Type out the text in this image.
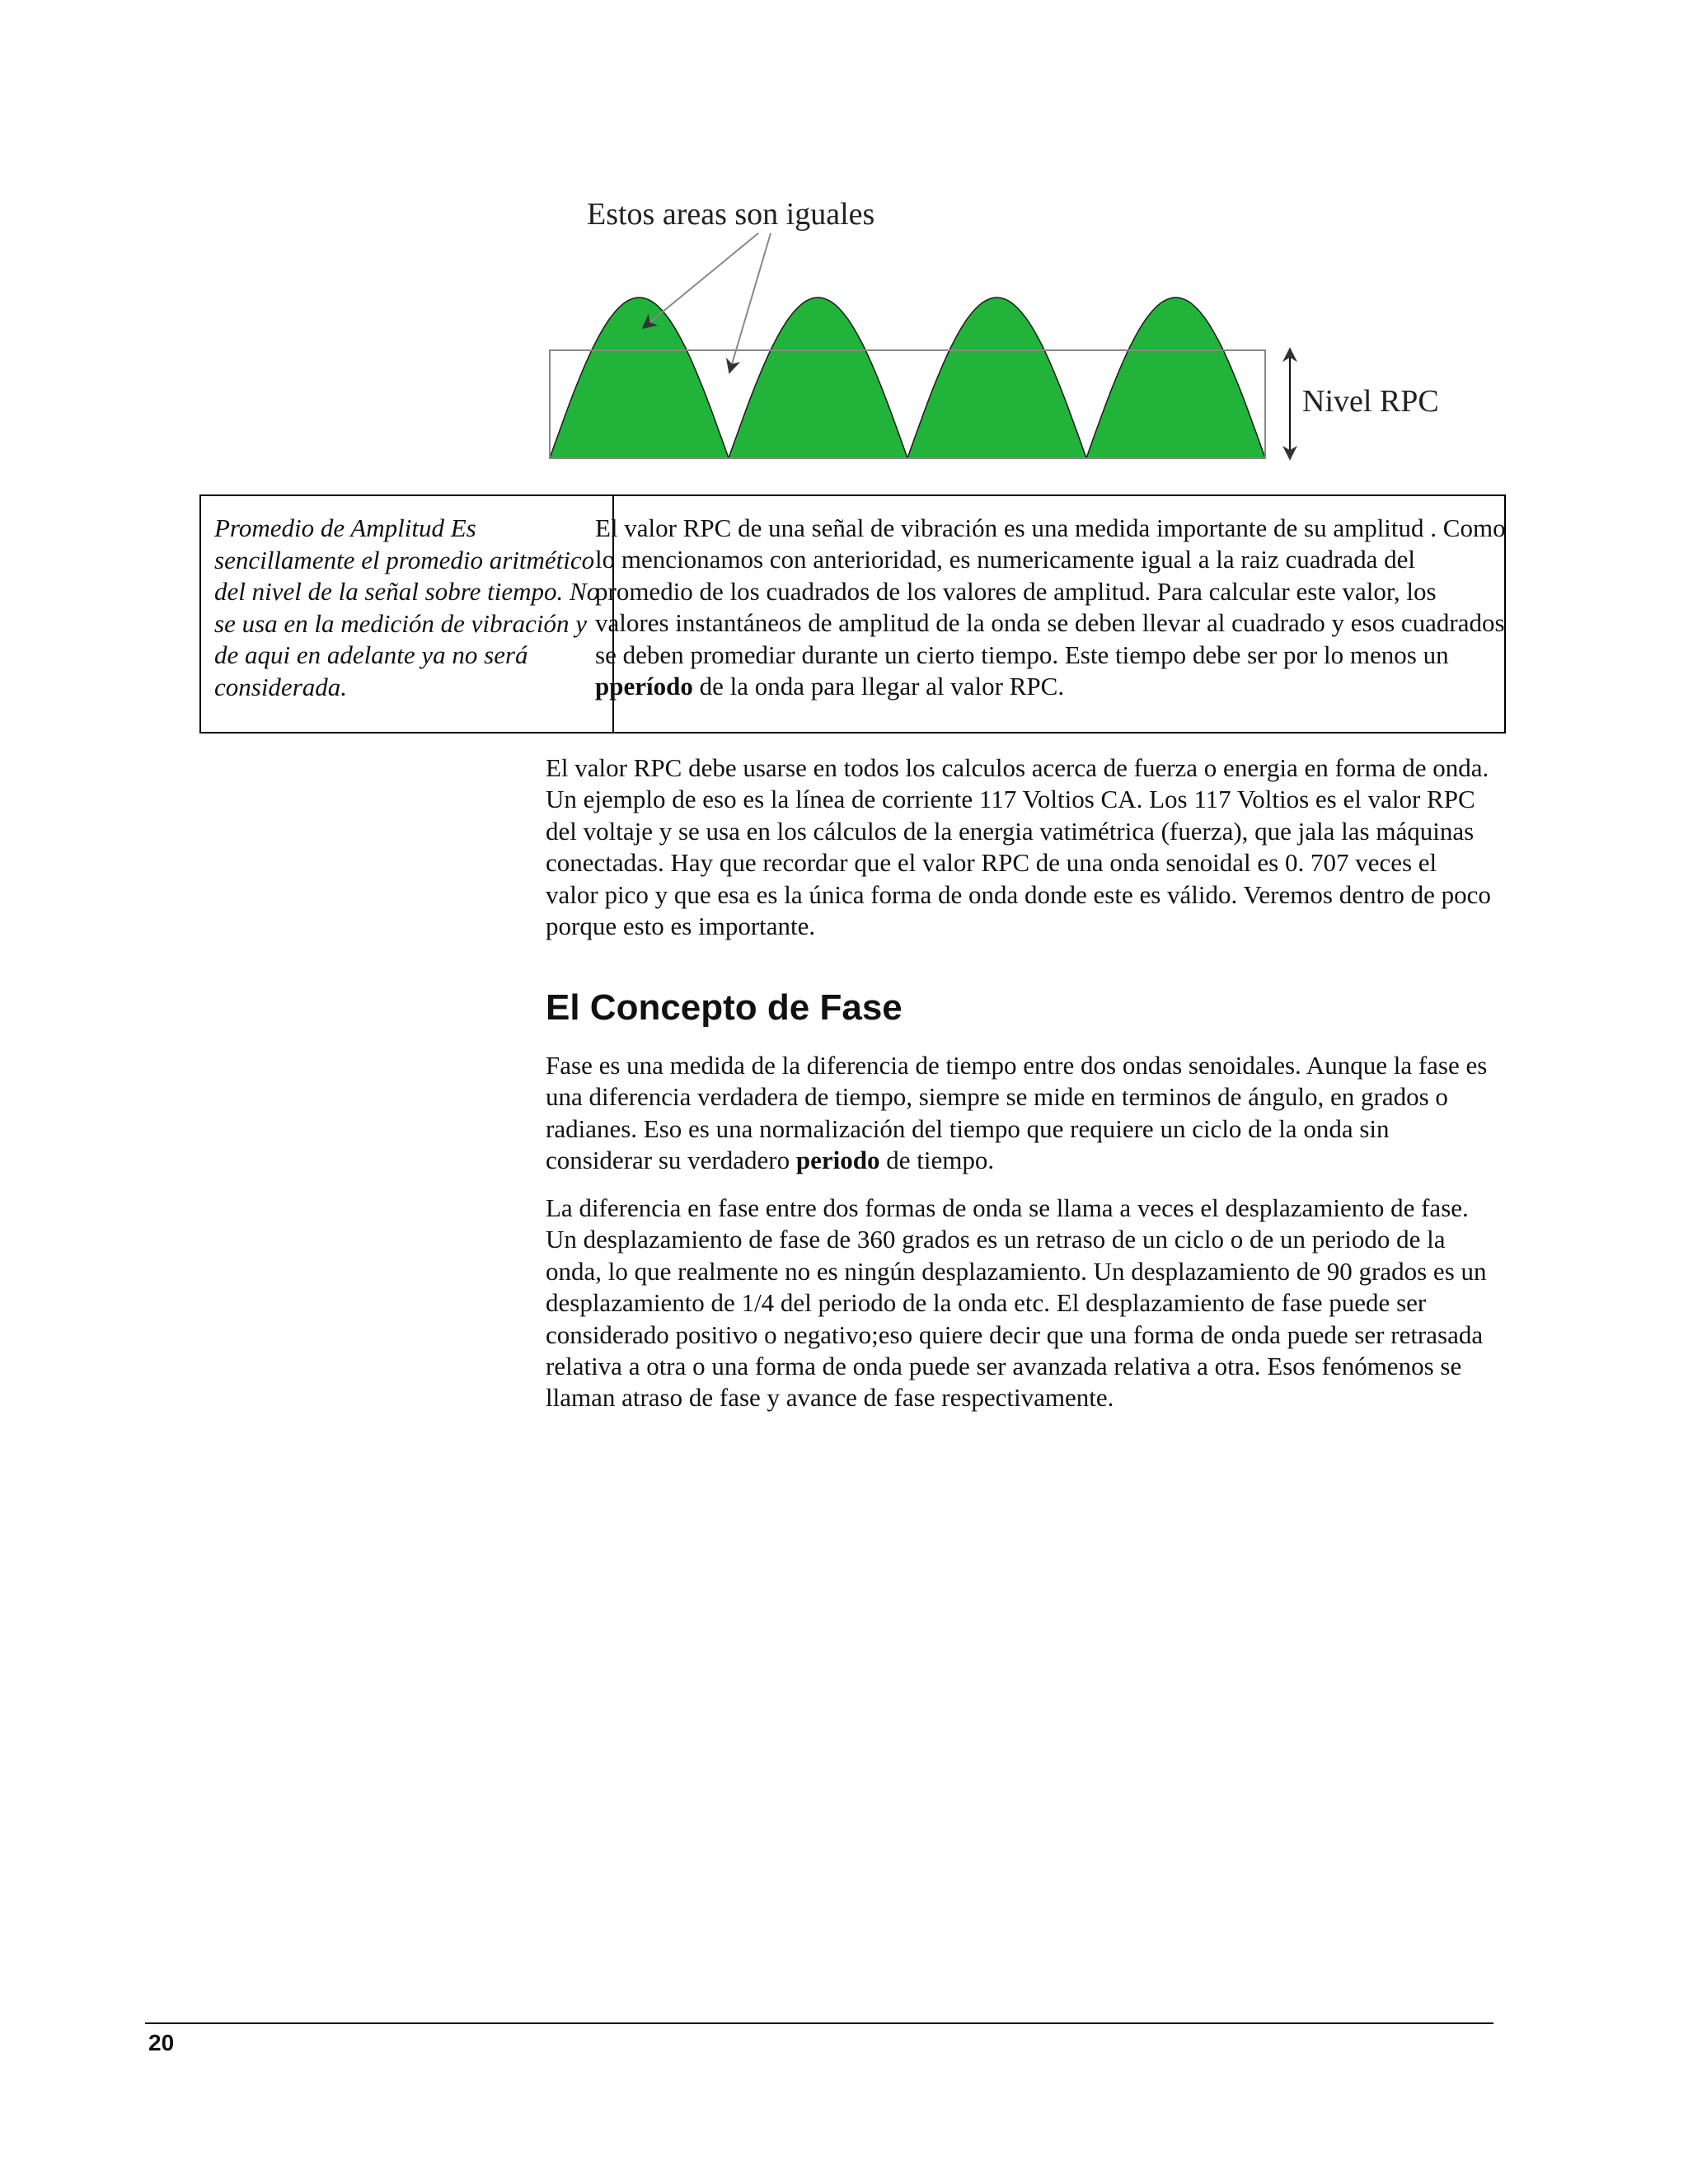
Estos areas son iguales
Nivel RPC

Promedio de Amplitud Es sencillamente el promedio aritmético del nivel de la señal sobre tiempo. No se usa en la medición de vibración y de aqui en adelante ya no será considerada.

El valor RPC de una señal de vibración es una medida importante de su amplitud . Como lo mencionamos con anterioridad, es numericamente igual a la raiz cuadrada del promedio de los cuadrados de los valores de amplitud. Para calcular este valor, los valores instantáneos de amplitud de la onda se deben llevar al cuadrado y esos cuadrados se deben promediar durante un cierto tiempo. Este tiempo debe ser por lo menos un pperíodo de la onda para llegar al valor RPC.

El valor RPC debe usarse en todos los calculos acerca de fuerza o energia en forma de onda. Un ejemplo de eso es la línea de corriente 117 Voltios CA. Los 117 Voltios es el valor RPC del voltaje y se usa en los cálculos de la energia vatimétrica (fuerza), que jala las máquinas conectadas. Hay que recordar que el valor RPC de una onda senoidal es 0. 707 veces el valor pico y que esa es la única forma de onda donde este es válido. Veremos dentro de poco porque esto es importante.

El Concepto de Fase

Fase es una medida de la diferencia de tiempo entre dos ondas senoidales. Aunque la fase es una diferencia verdadera de tiempo, siempre se mide en terminos de ángulo, en grados o radianes. Eso es una normalización del tiempo que requiere un ciclo de la onda sin considerar su verdadero periodo de tiempo.

La diferencia en fase entre dos formas de onda se llama a veces el desplazamiento de fase. Un desplazamiento de fase de 360 grados es un retraso de un ciclo o de un periodo de la onda, lo que realmente no es ningún desplazamiento. Un desplazamiento de 90 grados es un desplazamiento de 1/4 del periodo de la onda etc. El desplazamiento de fase puede ser considerado positivo o negativo;eso quiere decir que una forma de onda puede ser retrasada relativa a otra o una forma de onda puede ser avanzada relativa a otra. Esos fenómenos se llaman atraso de fase y avance de fase respectivamente.

20
